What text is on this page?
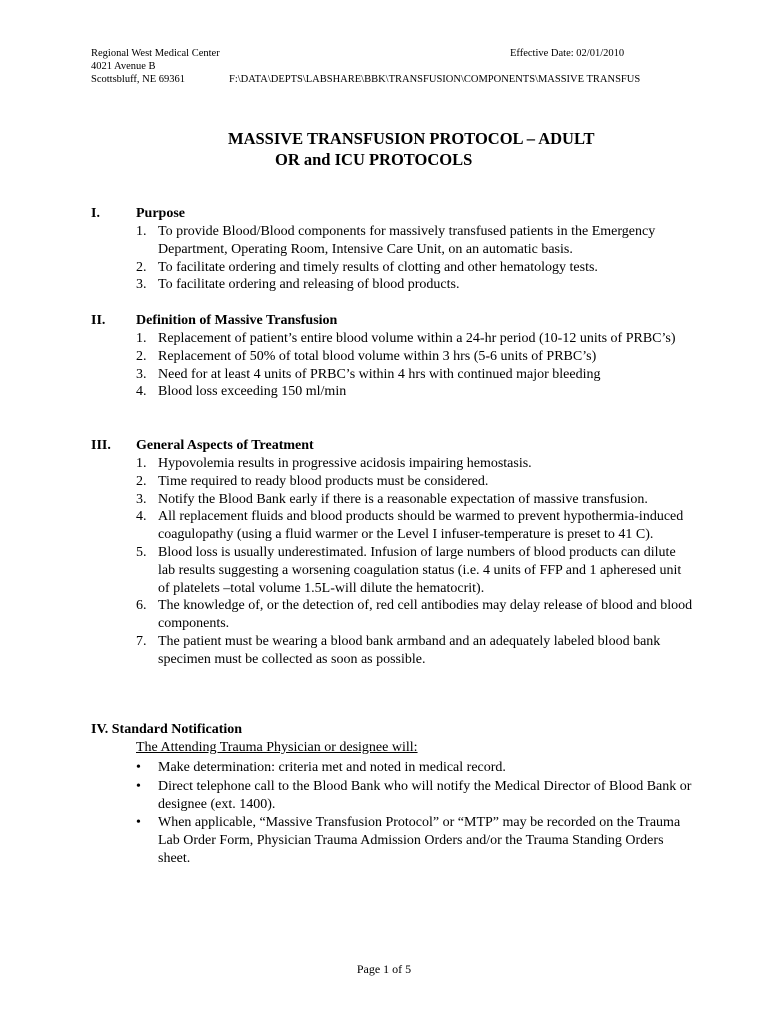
Regional West Medical Center	Effective Date: 02/01/2010
4021 Avenue B
Scottsbluff, NE 69361	F:\DATA\DEPTS\LABSHARE\BBK\TRANSFUSION\COMPONENTS\MASSIVE TRANSFUS
MASSIVE TRANSFUSION PROTOCOL – ADULT
OR and ICU PROTOCOLS
I.	Purpose
1. To provide Blood/Blood components for massively transfused patients in the Emergency Department, Operating Room, Intensive Care Unit, on an automatic basis.
2. To facilitate ordering and timely results of clotting and other hematology tests.
3. To facilitate ordering and releasing of blood products.
II. Definition of Massive Transfusion
1. Replacement of patient’s entire blood volume within a 24-hr period (10-12 units of PRBC’s)
2. Replacement of 50% of total blood volume within 3 hrs (5-6 units of PRBC’s)
3. Need for at least 4 units of PRBC’s within 4 hrs with continued major bleeding
4. Blood loss exceeding 150 ml/min
III. General Aspects of Treatment
1. Hypovolemia results in progressive acidosis impairing hemostasis.
2. Time required to ready blood products must be considered.
3. Notify the Blood Bank early if there is a reasonable expectation of massive transfusion.
4. All replacement fluids and blood products should be warmed to prevent hypothermia-induced coagulopathy (using a fluid warmer or the Level I infuser-temperature is preset to 41 C).
5. Blood loss is usually underestimated. Infusion of large numbers of blood products can dilute lab results suggesting a worsening coagulation status (i.e. 4 units of FFP and 1 apheresed unit of platelets –total volume 1.5L-will dilute the hematocrit).
6. The knowledge of, or the detection of, red cell antibodies may delay release of blood and blood components.
7. The patient must be wearing a blood bank armband and an adequately labeled blood bank specimen must be collected as soon as possible.
IV. Standard Notification
The Attending Trauma Physician or designee will:
• Make determination: criteria met and noted in medical record.
• Direct telephone call to the Blood Bank who will notify the Medical Director of Blood Bank or designee (ext. 1400).
• When applicable, “Massive Transfusion Protocol” or “MTP” may be recorded on the Trauma Lab Order Form, Physician Trauma Admission Orders and/or the Trauma Standing Orders sheet.
Page 1 of 5
